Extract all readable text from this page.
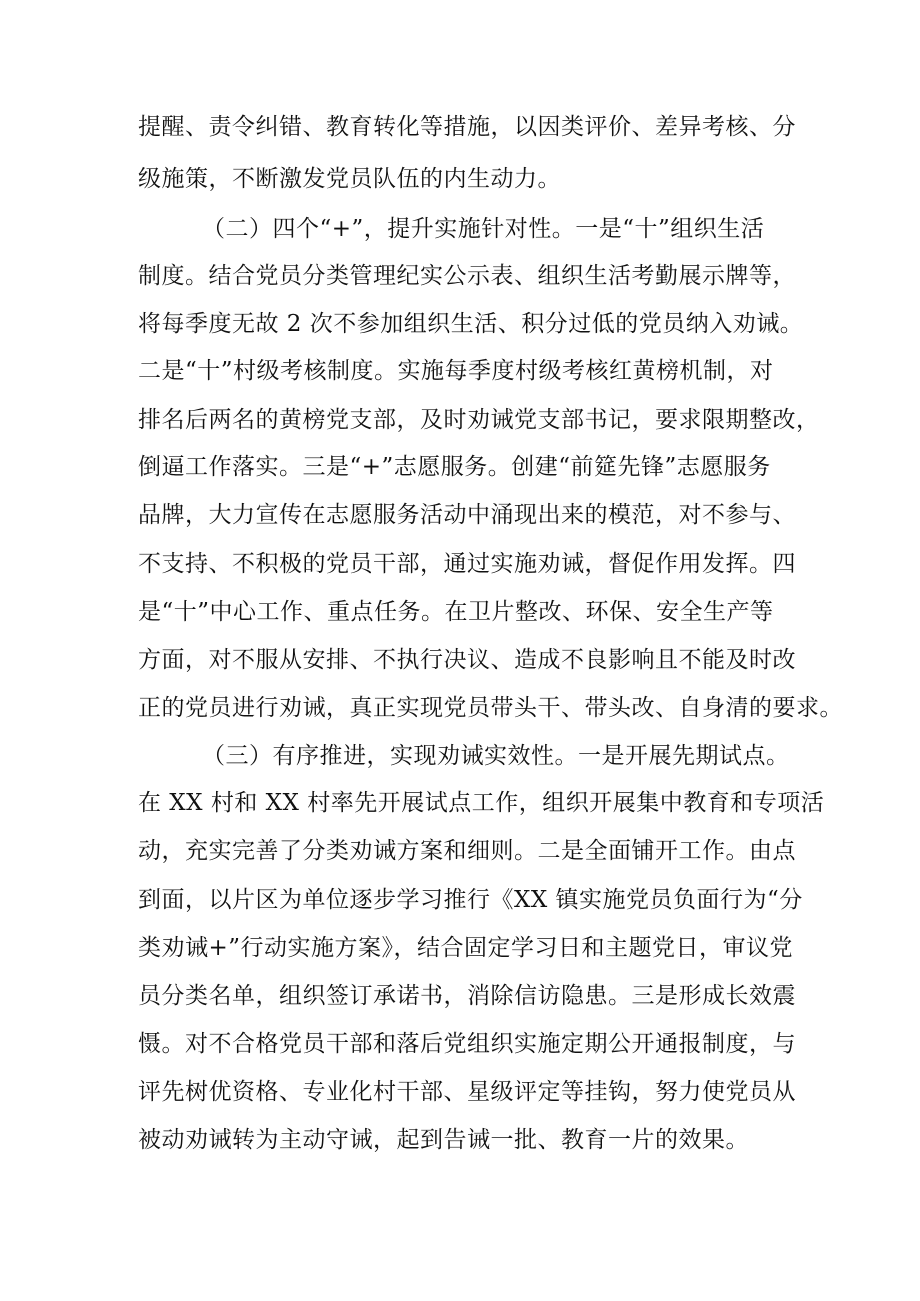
提醒、责令纠错、教育转化等措施，以因类评价、差异考核、分
级施策，不断激发党员队伍的内生动力。
（二）四个“+”，提升实施针对性。一是“十”组织生活
制度。结合党员分类管理纪实公示表、组织生活考勤展示牌等，
将每季度无故 2 次不参加组织生活、积分过低的党员纳入劝诫。
二是“十”村级考核制度。实施每季度村级考核红黄榜机制，对
排名后两名的黄榜党支部，及时劝诫党支部书记，要求限期整改，
倒逼工作落实。三是“+”志愿服务。创建“前筵先锋”志愿服务
品牌，大力宣传在志愿服务活动中涌现出来的模范，对不参与、
不支持、不积极的党员干部，通过实施劝诫，督促作用发挥。四
是“十”中心工作、重点任务。在卫片整改、环保、安全生产等
方面，对不服从安排、不执行决议、造成不良影响且不能及时改
正的党员进行劝诫，真正实现党员带头干、带头改、自身清的要求。
（三）有序推进，实现劝诫实效性。一是开展先期试点。
在 XX 村和 XX 村率先开展试点工作，组织开展集中教育和专项活
动，充实完善了分类劝诫方案和细则。二是全面铺开工作。由点
到面，以片区为单位逐步学习推行《XX 镇实施党员负面行为“分
类劝诫+”行动实施方案》，结合固定学习日和主题党日，审议党
员分类名单，组织签订承诺书，消除信访隐患。三是形成长效震
慑。对不合格党员干部和落后党组织实施定期公开通报制度，与
评先树优资格、专业化村干部、星级评定等挂钩，努力使党员从
被动劝诫转为主动守诫，起到告诫一批、教育一片的效果。
